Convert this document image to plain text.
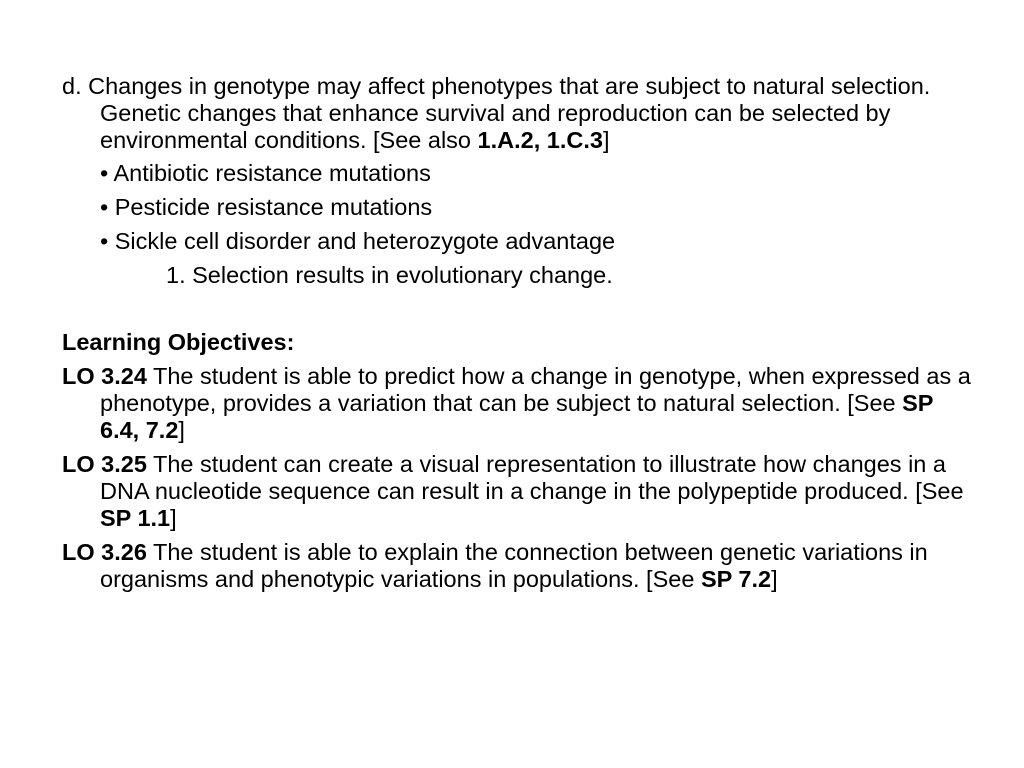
d. Changes in genotype may affect phenotypes that are subject to natural selection. Genetic changes that enhance survival and reproduction can be selected by environmental conditions. [See also 1.A.2, 1.C.3]

• Antibiotic resistance mutations

• Pesticide resistance mutations

• Sickle cell disorder and heterozygote advantage

1. Selection results in evolutionary change.

Learning Objectives:

LO 3.24 The student is able to predict how a change in genotype, when expressed as a phenotype, provides a variation that can be subject to natural selection. [See SP 6.4, 7.2]

LO 3.25 The student can create a visual representation to illustrate how changes in a DNA nucleotide sequence can result in a change in the polypeptide produced. [See SP 1.1]

LO 3.26 The student is able to explain the connection between genetic variations in organisms and phenotypic variations in populations. [See SP 7.2]
